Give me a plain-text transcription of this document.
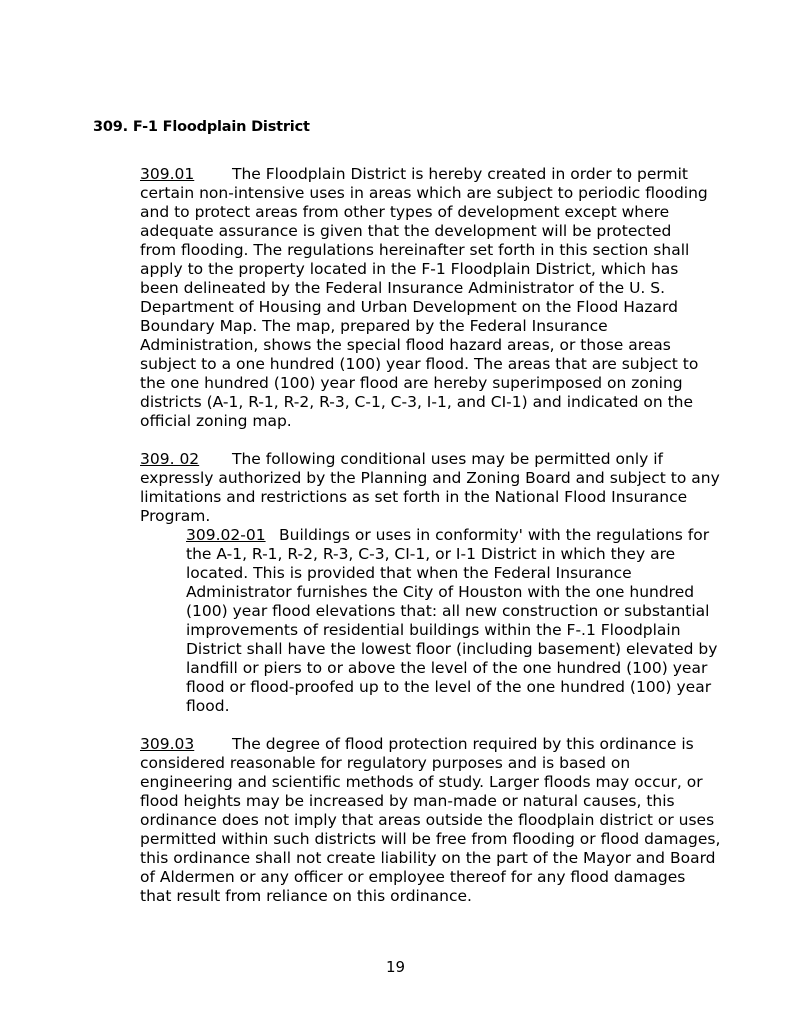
309. F-1 Floodplain District
309.01 The Floodplain District is hereby created in order to permit
certain non-intensive uses in areas which are subject to periodic flooding
and to protect areas from other types of development except where
adequate assurance is given that the development will be protected
from flooding. The regulations hereinafter set forth in this section shall
apply to the property located in the F-1 Floodplain District, which has
been delineated by the Federal Insurance Administrator of the U. S.
Department of Housing and Urban Development on the Flood Hazard
Boundary Map. The map, prepared by the Federal Insurance
Administration, shows the special flood hazard areas, or those areas
subject to a one hundred (100) year flood. The areas that are subject to
the one hundred (100) year flood are hereby superimposed on zoning
districts (A-1, R-1, R-2, R-3, C-1, C-3, I-1, and CI-1) and indicated on the
official zoning map.
309. 02 The following conditional uses may be permitted only if
expressly authorized by the Planning and Zoning Board and subject to any
limitations and restrictions as set forth in the National Flood Insurance
Program.
309.02-01 Buildings or uses in conformity' with the regulations for
the A-1, R-1, R-2, R-3, C-3, CI-1, or I-1 District in which they are
located. This is provided that when the Federal Insurance
Administrator furnishes the City of Houston with the one hundred
(100) year flood elevations that: all new construction or substantial
improvements of residential buildings within the F-.1 Floodplain
District shall have the lowest floor (including basement) elevated by
landfill or piers to or above the level of the one hundred (100) year
flood or flood-proofed up to the level of the one hundred (100) year
flood.
309.03 The degree of flood protection required by this ordinance is
considered reasonable for regulatory purposes and is based on
engineering and scientific methods of study. Larger floods may occur, or
flood heights may be increased by man-made or natural causes, this
ordinance does not imply that areas outside the floodplain district or uses
permitted within such districts will be free from flooding or flood damages,
this ordinance shall not create liability on the part of the Mayor and Board
of Aldermen or any officer or employee thereof for any flood damages
that result from reliance on this ordinance.
19
